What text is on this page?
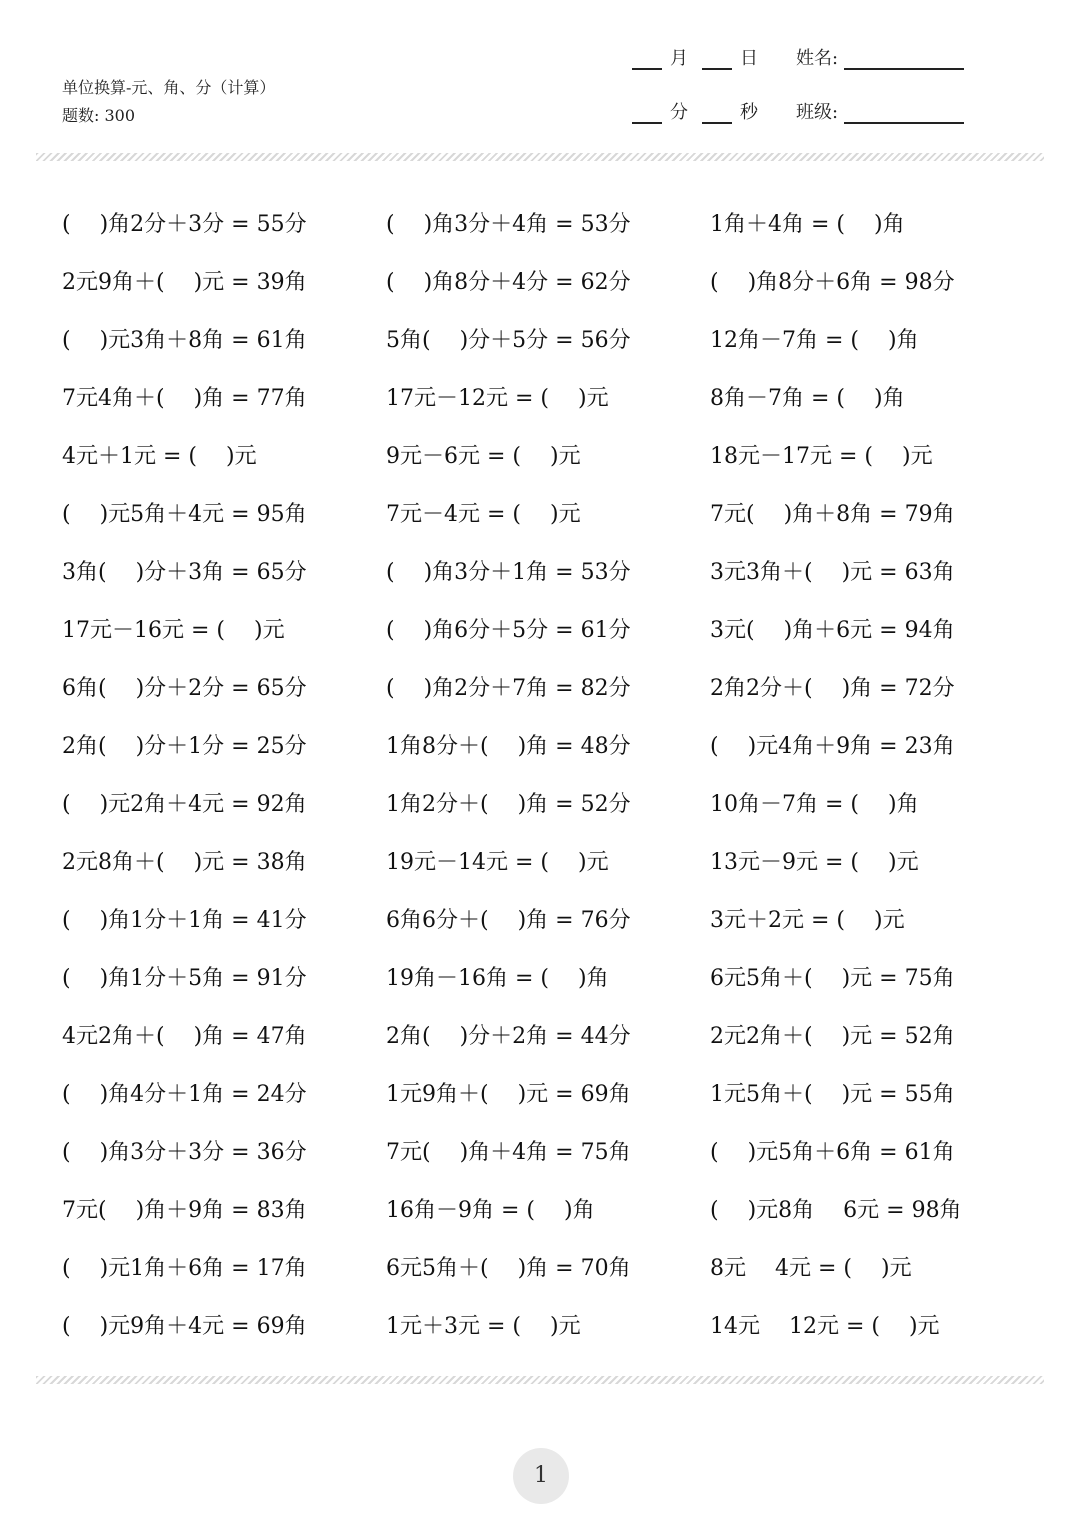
单位换算-元、角、分（计算）
题数: 300
月	日 姓名:
分	秒 班级:
(　 )角2分＋3分 = 55分
2元9角＋(　 )元 = 39角
(　 )元3角＋8角 = 61角
7元4角＋(　 )角 = 77角
4元＋1元 = (　 )元
(　 )元5角＋4元 = 95角
3角(　 )分＋3角 = 65分
17元－16元 = (　 )元
6角(　 )分＋2分 = 65分
2角(　 )分＋1分 = 25分
(　 )元2角＋4元 = 92角
2元8角＋(　 )元 = 38角
(　 )角1分＋1角 = 41分
(　 )角1分＋5角 = 91分
4元2角＋(　 )角 = 47角
(　 )角4分＋1角 = 24分
(　 )角3分＋3分 = 36分
7元(　 )角＋9角 = 83角
(　 )元1角＋6角 = 17角
(　 )元9角＋4元 = 69角
(　 )角3分＋4角 = 53分
(　 )角8分＋4分 = 62分
5角(　 )分＋5分 = 56分
17元－12元 = (　 )元
9元－6元 = (　 )元
7元－4元 = (　 )元
(　 )角3分＋1角 = 53分
(　 )角6分＋5分 = 61分
(　 )角2分＋7角 = 82分
1角8分＋(　 )角 = 48分
1角2分＋(　 )角 = 52分
19元－14元 = (　 )元
6角6分＋(　 )角 = 76分
19角－16角 = (　 )角
2角(　 )分＋2角 = 44分
1元9角＋(　 )元 = 69角
7元(　 )角＋4角 = 75角
16角－9角 = (　 )角
6元5角＋(　 )角 = 70角
1元＋3元 = (　 )元
1角＋4角 = (　 )角
(　 )角8分＋6角 = 98分
12角－7角 = (　 )角
8角－7角 = (　 )角
18元－17元 = (　 )元
7元(　 )角＋8角 = 79角
3元3角＋(　 )元 = 63角
3元(　 )角＋6元 = 94角
2角2分＋(　 )角 = 72分
(　 )元4角＋9角 = 23角
10角－7角 = (　 )角
13元－9元 = (　 )元
3元＋2元 = (　 )元
6元5角＋(　 )元 = 75角
2元2角＋(　 )元 = 52角
1元5角＋(　 )元 = 55角
(　 )元5角＋6角 = 61角
(　 )元8角　 6元 = 98角
8元　 4元 = (　 )元
14元　 12元 = (　 )元
1
